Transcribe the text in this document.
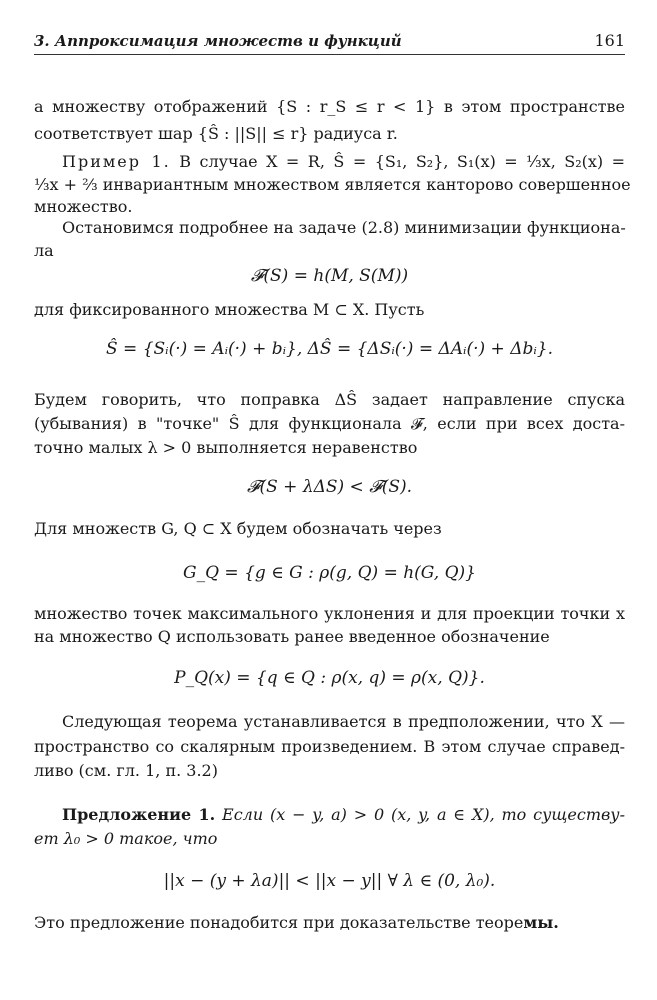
3. Аппроксимация множеств и функций	161
а множеству отображений {S : r_S ≤ r < 1} в этом пространстве
соответствует шар {Ŝ : ||S|| ≤ r} радиуса r.
Пример 1. В случае X = R, Ŝ = {S₁, S₂}, S₁(x) = ⅓x, S₂(x) =
⅓x + ⅔ инвариантным множеством является канторово совершенное
множество.
Остановимся подробнее на задаче (2.8) минимизации функциона-
ла
𝓕(S) = h(M, S(M))
для фиксированного множества M ⊂ X. Пусть
Ŝ = {Sᵢ(·) = Aᵢ(·) + bᵢ}, ΔŜ = {ΔSᵢ(·) = ΔAᵢ(·) + Δbᵢ}.
Будем говорить, что поправка ΔŜ задает направление спуска
(убывания) в "точке" Ŝ для функционала 𝓕, если при всех доста-
точно малых λ > 0 выполняется неравенство
𝓕(S + λΔS) < 𝓕(S).
Для множеств G, Q ⊂ X будем обозначать через
G_Q = {g ∈ G : ρ(g, Q) = h(G, Q)}
множество точек максимального уклонения и для проекции точки x
на множество Q использовать ранее введенное обозначение
P_Q(x) = {q ∈ Q : ρ(x, q) = ρ(x, Q)}.
Следующая теорема устанавливается в предположении, что X —
пространство со скалярным произведением. В этом случае справед-
ливо (см. гл. 1, п. 3.2)
Предложение 1. Если (x − y, a) > 0 (x, y, a ∈ X), то существу-
ет λ₀ > 0 такое, что
||x − (y + λa)|| < ||x − y|| ∀ λ ∈ (0, λ₀).
Это предложение понадобится при доказательстве теоремы.
